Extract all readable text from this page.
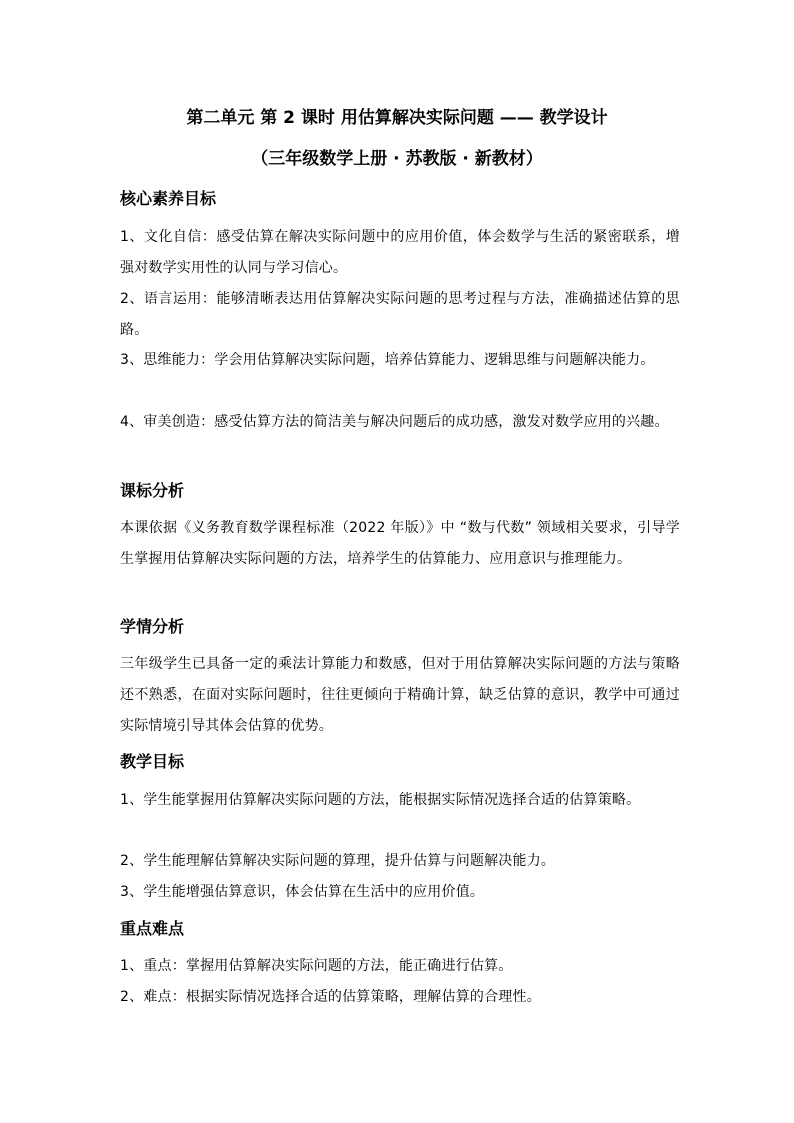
第二单元 第 2 课时 用估算解决实际问题 —— 教学设计
（三年级数学上册 · 苏教版 · 新教材）

核心素养目标

1、文化自信：感受估算在解决实际问题中的应用价值，体会数学与生活的紧密联系，增强对数学实用性的认同与学习信心。

2、语言运用：能够清晰表达用估算解决实际问题的思考过程与方法，准确描述估算的思路。

3、思维能力：学会用估算解决实际问题，培养估算能力、逻辑思维与问题解决能力。

4、审美创造：感受估算方法的简洁美与解决问题后的成功感，激发对数学应用的兴趣。

课标分析

本课依据《义务教育数学课程标准（2022 年版）》中 “数与代数” 领域相关要求，引导学生掌握用估算解决实际问题的方法，培养学生的估算能力、应用意识与推理能力。

学情分析

三年级学生已具备一定的乘法计算能力和数感，但对于用估算解决实际问题的方法与策略还不熟悉，在面对实际问题时，往往更倾向于精确计算，缺乏估算的意识，教学中可通过实际情境引导其体会估算的优势。

教学目标

1、学生能掌握用估算解决实际问题的方法，能根据实际情况选择合适的估算策略。

2、学生能理解估算解决实际问题的算理，提升估算与问题解决能力。

3、学生能增强估算意识，体会估算在生活中的应用价值。

重点难点

1、重点：掌握用估算解决实际问题的方法，能正确进行估算。

2、难点：根据实际情况选择合适的估算策略，理解估算的合理性。
